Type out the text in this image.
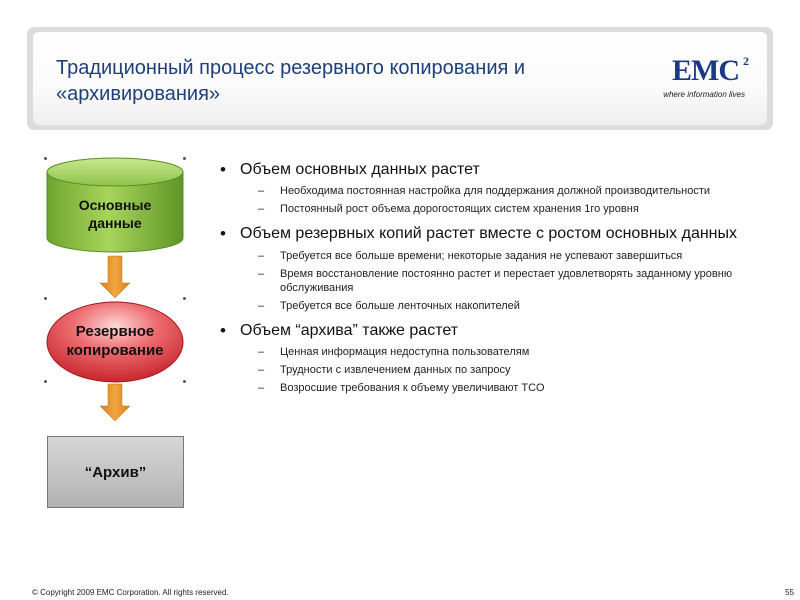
Традиционный процесс резервного копирования и «архивирования»
EMC 2
where information lives
Основные
данные
Резервное
копирование
“Архив”
• Объем основных данных растет
– Необходима постоянная настройка для поддержания должной производительности
– Постоянный рост объема дорогостоящих систем хранения 1го уровня
• Объем резервных копий растет вместе с ростом основных данных
– Требуется все больше времени; некоторые задания не успевают завершиться
– Время восстановление постоянно растет и перестает удовлетворять заданному уровню обслуживания
– Требуется все больше ленточных накопителей
• Объем “архива” также растет
– Ценная информация недоступна пользователям
– Трудности с извлечением данных по запросу
– Возросшие требования к объему увеличивают TCO
© Copyright 2009 EMC Corporation. All rights reserved.	55
